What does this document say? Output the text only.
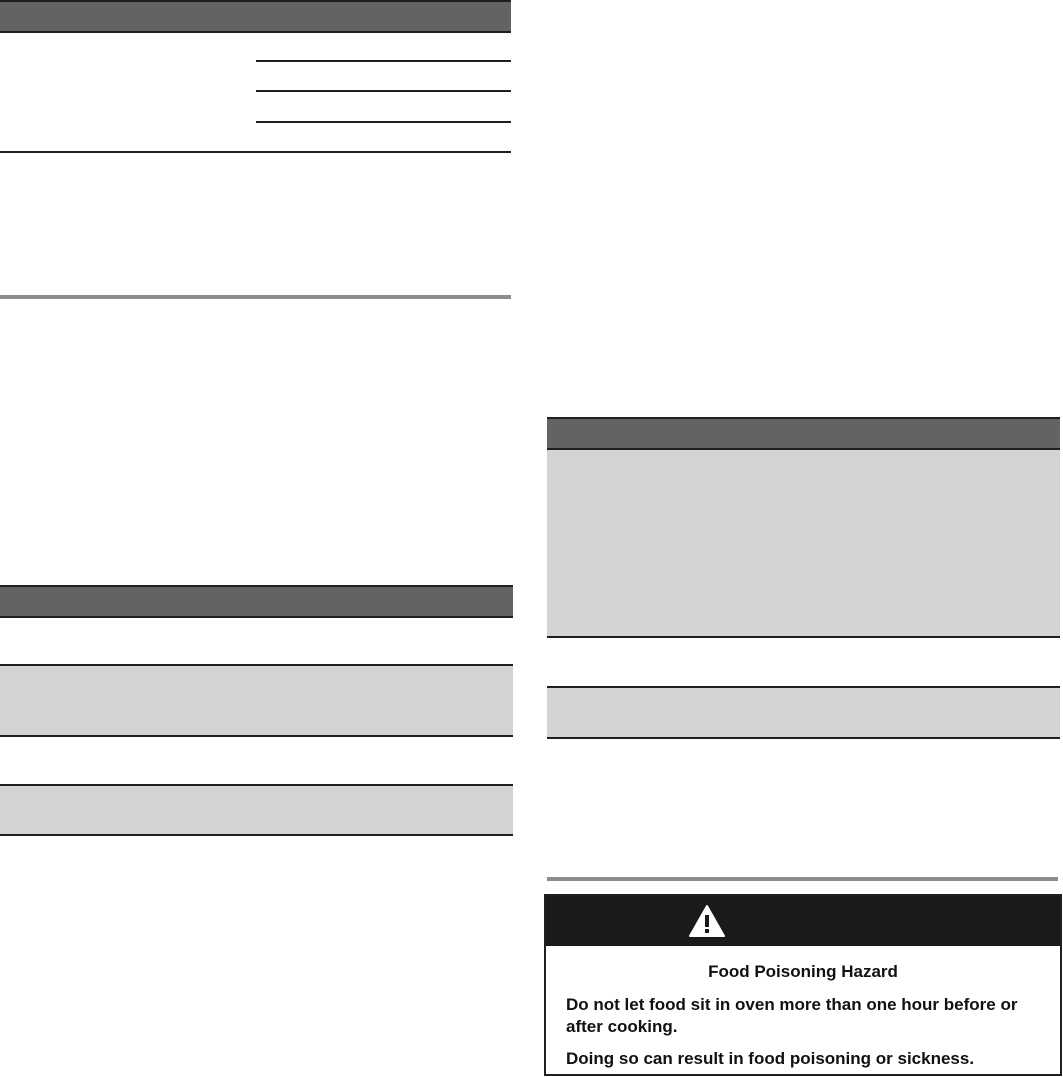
Food Poisoning Hazard

Do not let food sit in oven more than one hour before or after cooking.

Doing so can result in food poisoning or sickness.
